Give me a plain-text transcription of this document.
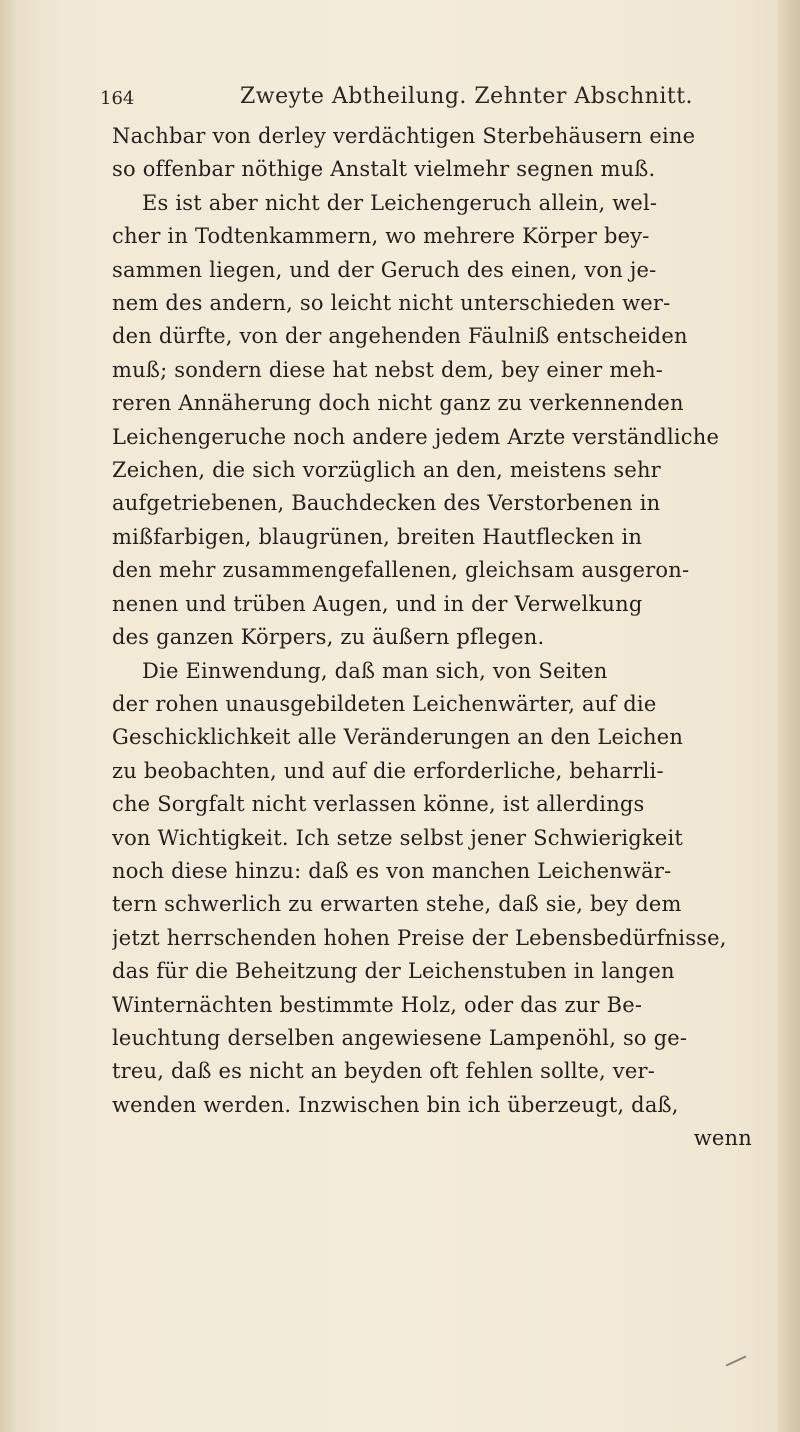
164	Zweyte Abtheilung. Zehnter Abschnitt.
Nachbar von derley verdächtigen Sterbehäusern eine
so offenbar nöthige Anstalt vielmehr segnen muß.
Es ist aber nicht der Leichengeruch allein, wel-
cher in Todtenkammern, wo mehrere Körper bey-
sammen liegen, und der Geruch des einen, von je-
nem des andern, so leicht nicht unterschieden wer-
den dürfte, von der angehenden Fäulniß entscheiden
muß; sondern diese hat nebst dem, bey einer meh-
reren Annäherung doch nicht ganz zu verkennenden
Leichengeruche noch andere jedem Arzte verständliche
Zeichen, die sich vorzüglich an den, meistens sehr
aufgetriebenen, Bauchdecken des Verstorbenen in
mißfarbigen, blaugrünen, breiten Hautflecken in
den mehr zusammengefallenen, gleichsam ausgeron-
nenen und trüben Augen, und in der Verwelkung
des ganzen Körpers, zu äußern pflegen.
Die Einwendung, daß man sich, von Seiten
der rohen unausgebildeten Leichenwärter, auf die
Geschicklichkeit alle Veränderungen an den Leichen
zu beobachten, und auf die erforderliche, beharrli-
che Sorgfalt nicht verlassen könne, ist allerdings
von Wichtigkeit. Ich setze selbst jener Schwierigkeit
noch diese hinzu: daß es von manchen Leichenwär-
tern schwerlich zu erwarten stehe, daß sie, bey dem
jetzt herrschenden hohen Preise der Lebensbedürfnisse,
das für die Beheitzung der Leichenstuben in langen
Winternächten bestimmte Holz, oder das zur Be-
leuchtung derselben angewiesene Lampenöhl, so ge-
treu, daß es nicht an beyden oft fehlen sollte, ver-
wenden werden. Inzwischen bin ich überzeugt, daß,
wenn
